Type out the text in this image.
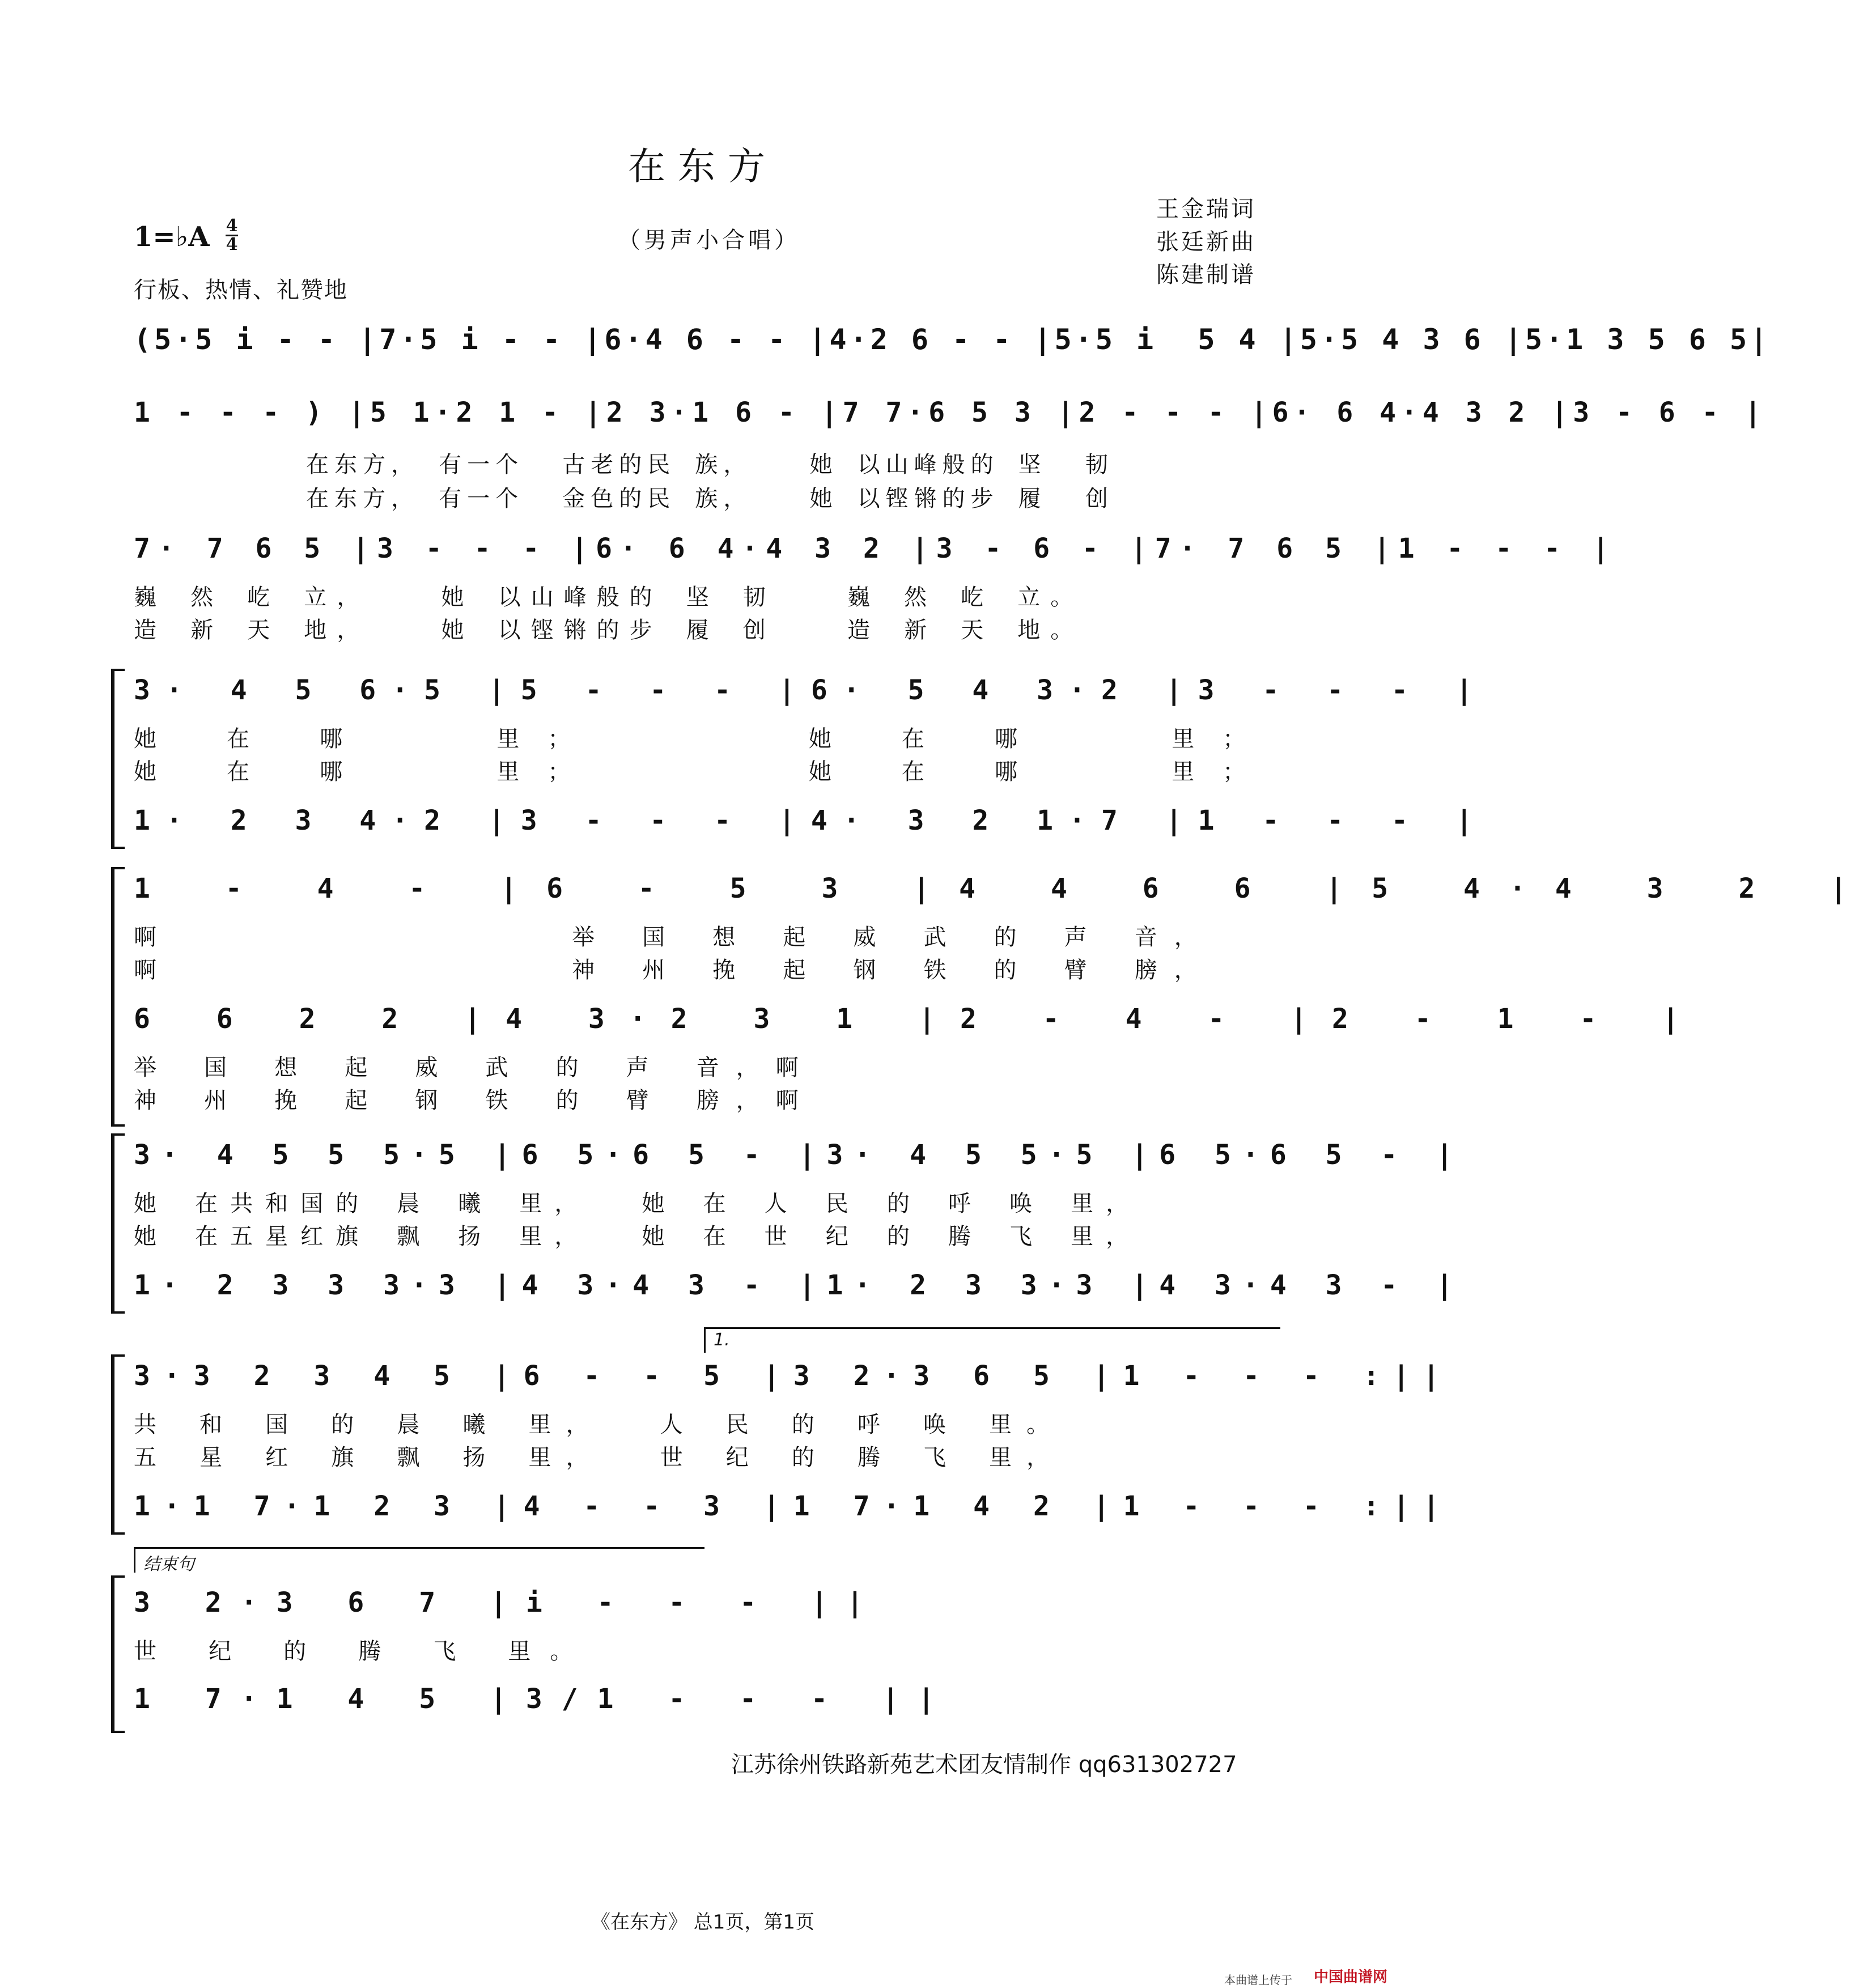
在东方
（男声小合唱）
王金瑞词
张廷新曲
陈建制谱
1=♭A 4
4
行板、热情、礼赞地
(5·5 i - - |7·5 i - - |6·4 6 - - |4·2 6 - - |5·5 i  5 4 |5·5 4 3 6 |5·1 3 5 6 5|
1 - - - ) |5 1·2 1 - |2 3·1 6 - |7 7·6 5 3 |2 - - - |6· 6 4·4 3 2 |3 - 6 - |
在东方， 有一个  古老的民 族，   她 以山峰般的 坚  韧
在东方， 有一个  金色的民 族，   她 以铿锵的步 履  创
7· 7 6 5 |3 - - - |6· 6 4·4 3 2 |3 - 6 - |7· 7 6 5 |1 - - - |
巍 然 屹 立，   她 以山峰般的 坚 韧   巍 然 屹 立。
造 新 天 地，   她 以铿锵的步 履 创   造 新 天 地。
3· 4 5 6·5 |5 - - - |6· 5 4 3·2 |3 - - - |
她 在 哪   里；     她 在 哪   里；
她 在 哪   里；     她 在 哪   里；
1· 2 3 4·2 |3 - - - |4· 3 2 1·7 |1 - - - |
1 - 4 - |6 - 5 3 |4 4 6 6 |5 4·4 3 2 |
啊             举 国 想 起 威 武 的 声 音，
啊             神 州 挽 起 钢 铁 的 臂 膀，
6 6 2 2 |4 3·2 3 1 |2 - 4 - |2 - 1 - |
举 国 想 起 威 武 的 声 音，啊
神 州 挽 起 钢 铁 的 臂 膀，啊
3· 4 5 5 5·5 |6 5·6 5 - |3· 4 5 5·5 |6 5·6 5 - |
她 在共和国的 晨 曦 里，  她 在 人 民 的 呼 唤 里，
她 在五星红旗 飘 扬 里，  她 在 世 纪 的 腾 飞 里，
1· 2 3 3 3·3 |4 3·4 3 - |1· 2 3 3·3 |4 3·4 3 - |
1.
3·3 2 3 4 5 |6 - - 5 |3 2·3 6 5 |1 - - - :||
共 和 国 的 晨 曦 里，  人 民 的 呼 唤 里。
五 星 红 旗 飘 扬 里，  世 纪 的 腾 飞 里，
1·1 7·1 2 3 |4 - - 3 |1 7·1 4 2 |1 - - - :||
结束句
3 2·3 6 7 |i - - - ||
世 纪 的 腾 飞 里。
1 7·1 4 5 |3/1 - - - ||
江苏徐州铁路新苑艺术团友情制作 qq631302727
《在东方》 总1页，第1页
本曲谱上传于 中国曲谱网
